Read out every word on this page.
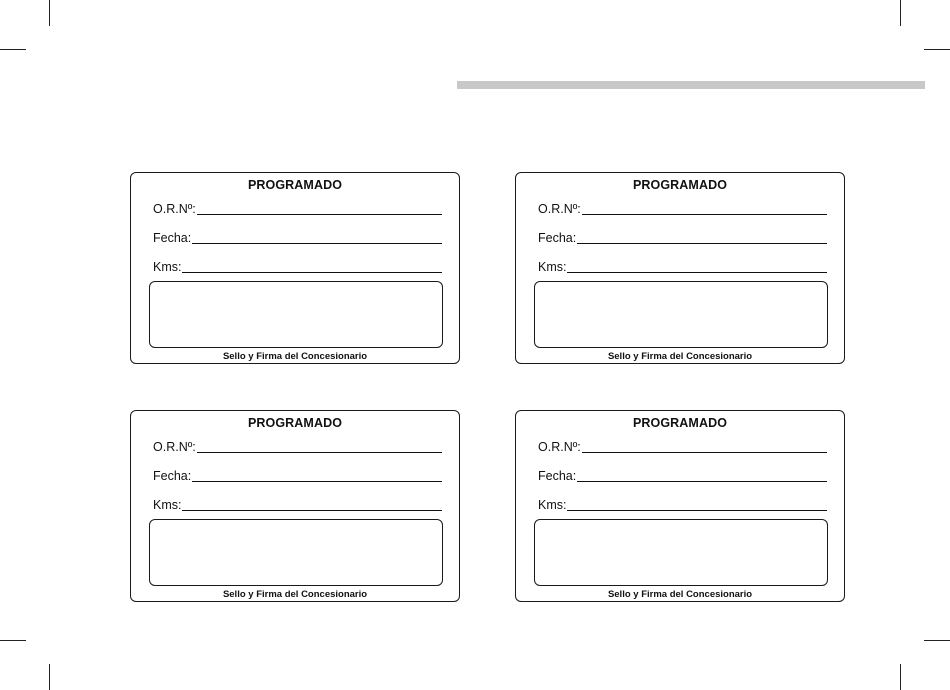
PROGRAMADO
O.R.Nº:
Fecha:
Kms:
Sello y Firma del Concesionario
PROGRAMADO
O.R.Nº:
Fecha:
Kms:
Sello y Firma del Concesionario
PROGRAMADO
O.R.Nº:
Fecha:
Kms:
Sello y Firma del Concesionario
PROGRAMADO
O.R.Nº:
Fecha:
Kms:
Sello y Firma del Concesionario
